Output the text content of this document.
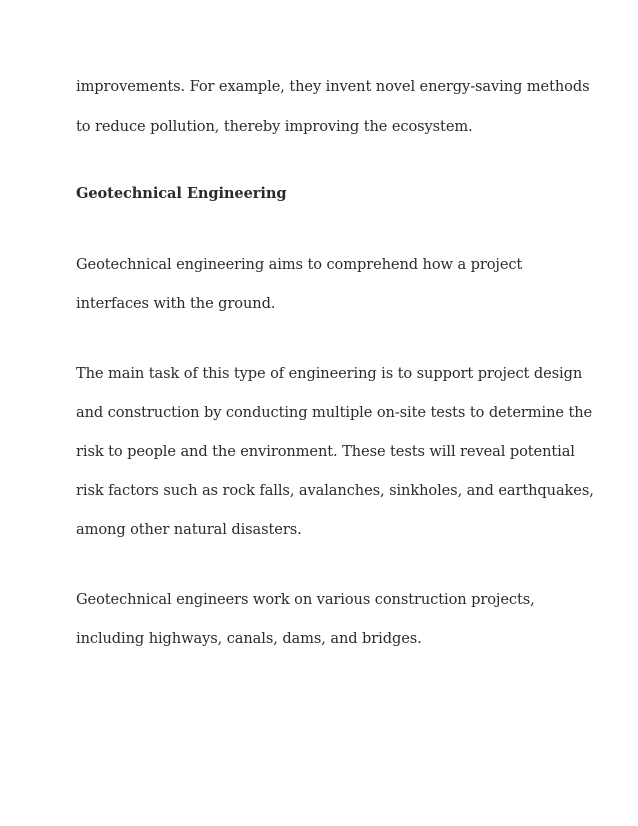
improvements. For example, they invent novel energy-saving methods
to reduce pollution, thereby improving the ecosystem.
Geotechnical Engineering
Geotechnical engineering aims to comprehend how a project
interfaces with the ground.
The main task of this type of engineering is to support project design
and construction by conducting multiple on-site tests to determine the
risk to people and the environment. These tests will reveal potential
risk factors such as rock falls, avalanches, sinkholes, and earthquakes,
among other natural disasters.
Geotechnical engineers work on various construction projects,
including highways, canals, dams, and bridges.
